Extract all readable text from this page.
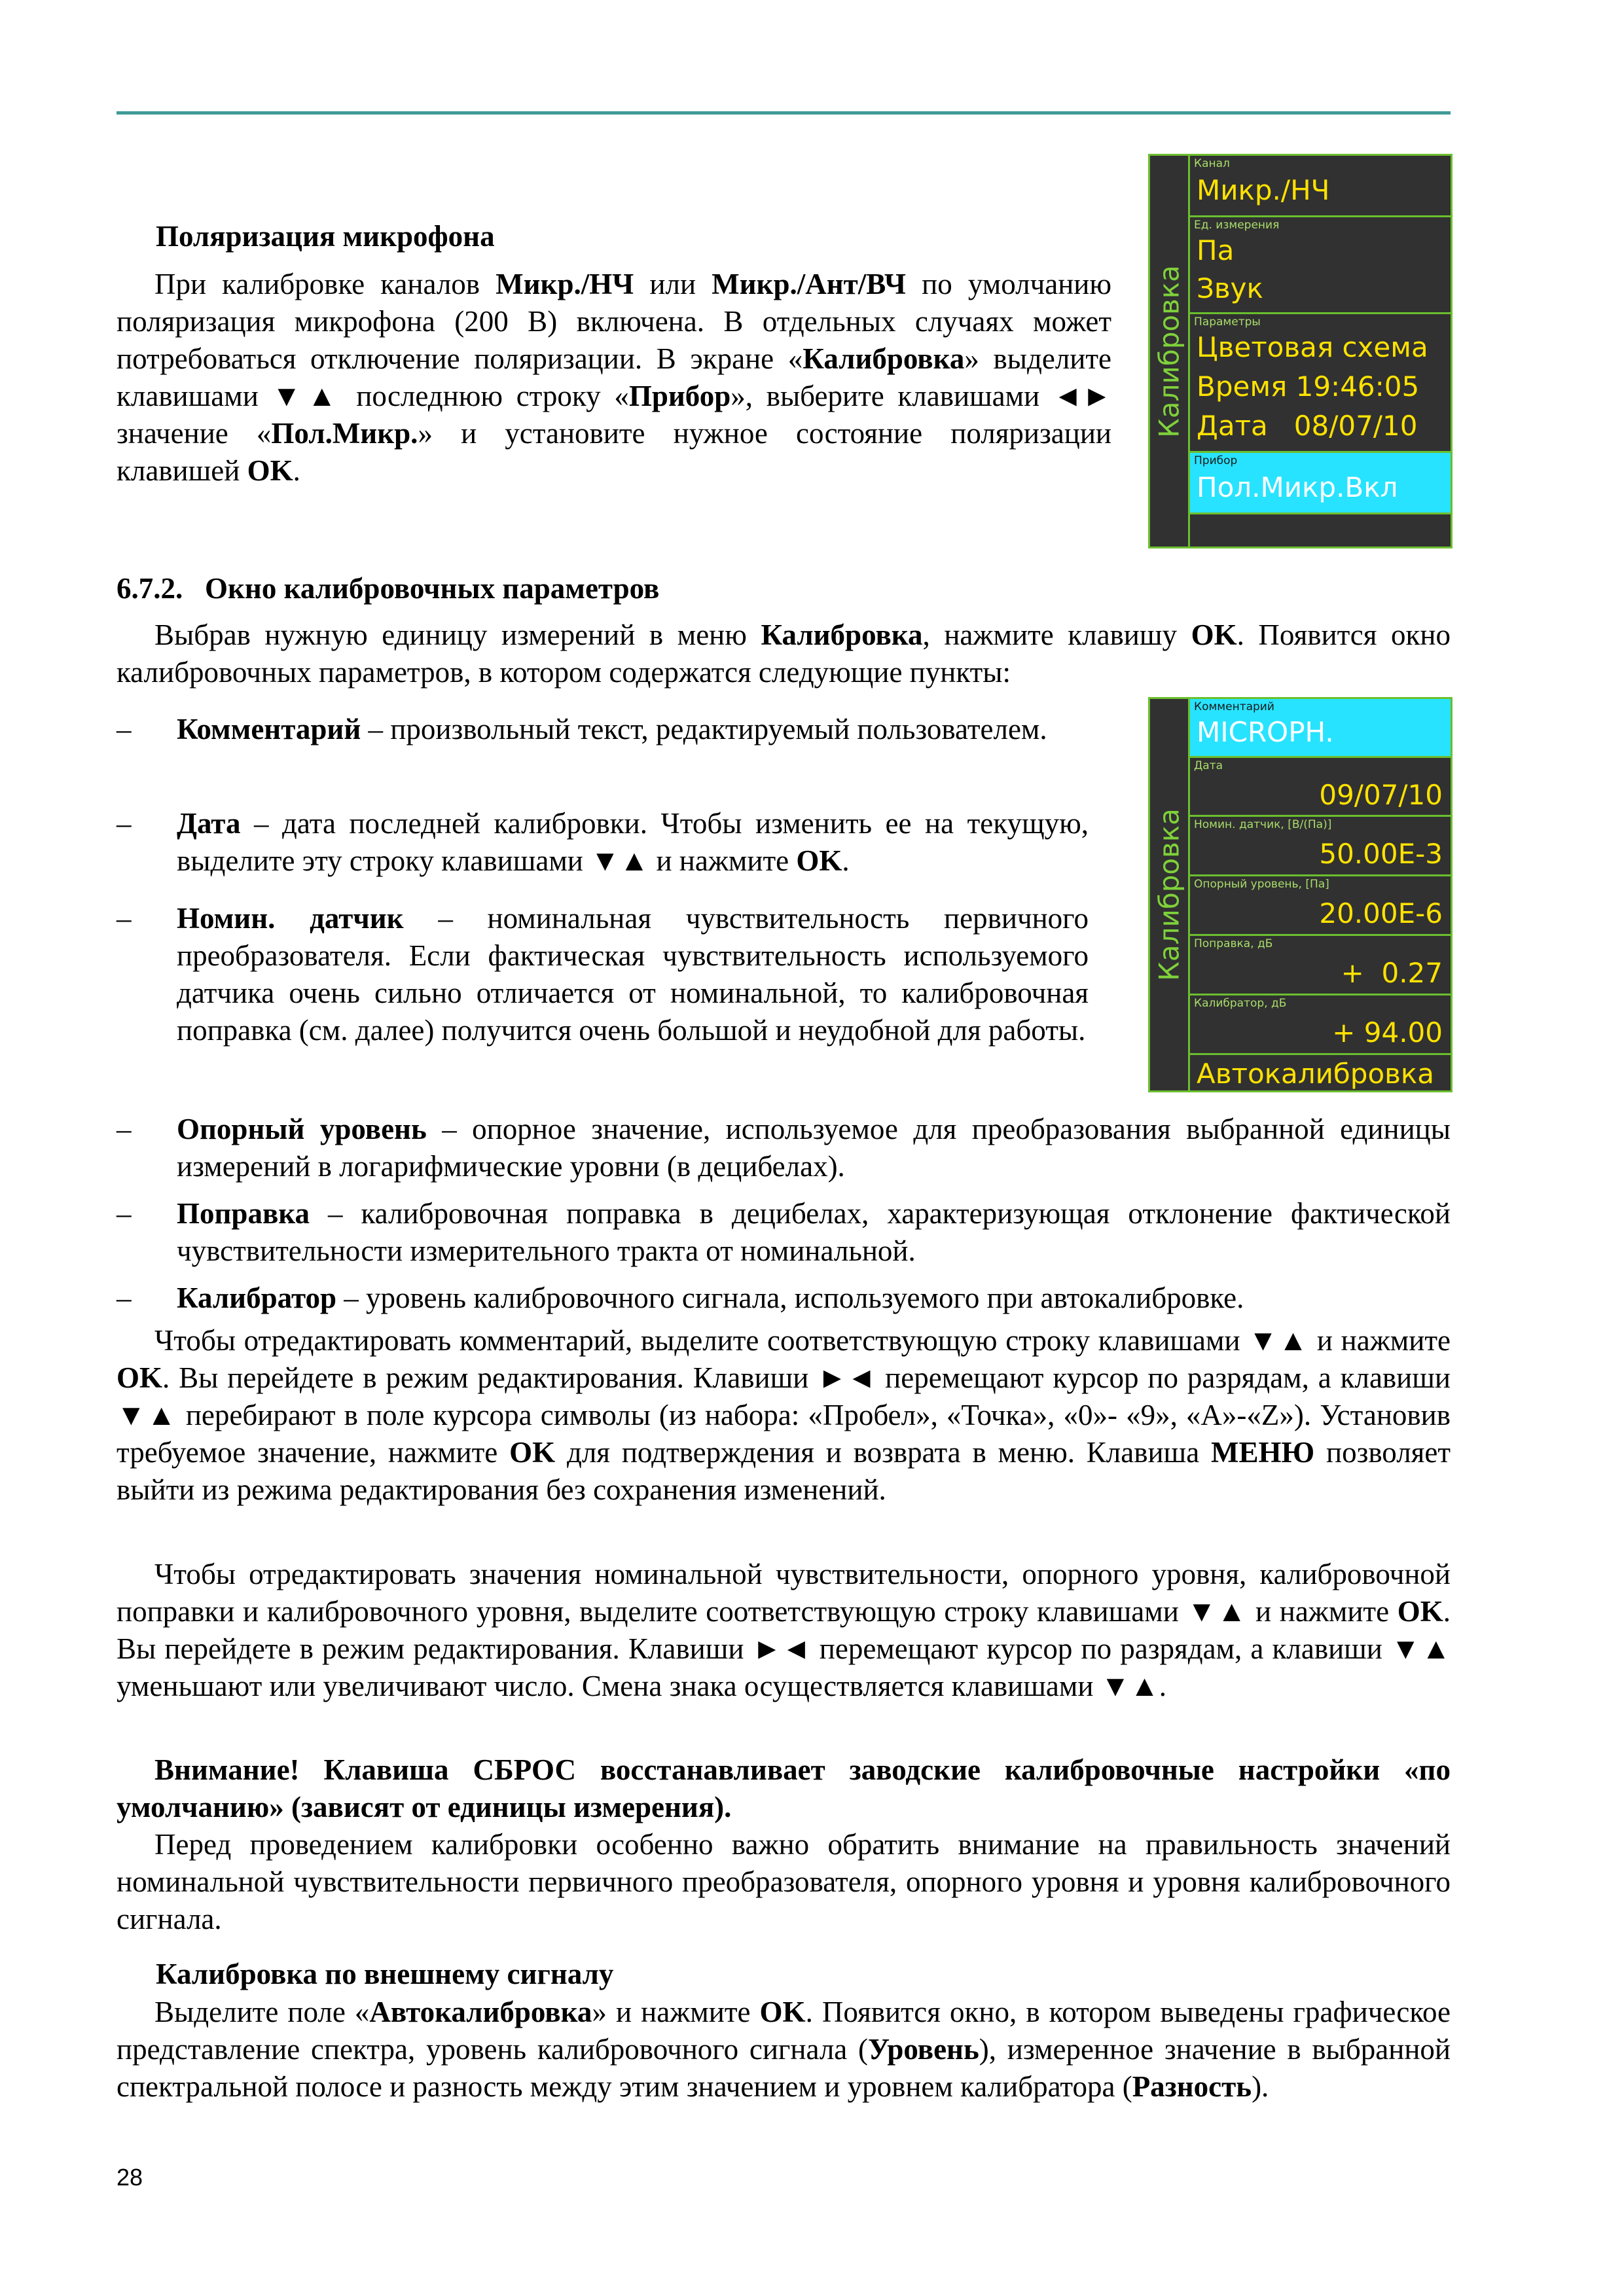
Калибровка
Канал
Микр./НЧ
Ед. измерения
Па
Звук
Параметры
Цветовая схема
Время 19:46:05
Дата   08/07/10
Прибор
Пол.Микр.Вкл

Поляризация микрофона

При калибровке каналов Микр./НЧ или Микр./Ант/ВЧ по умолчанию поляризация микрофона (200 В) включена. В отдельных случаях может потребоваться отключение поляризации. В экране «Калибровка» выделите клавишами ▼▲ последнюю строку «Прибор», выберите клавишами ◄► значение «Пол.Микр.» и установите нужное состояние поляризации клавишей OK.

6.7.2. Окно калибровочных параметров

Выбрав нужную единицу измерений в меню Калибровка, нажмите клавишу OK. Появится окно калибровочных параметров, в котором содержатся следующие пункты:

Калибровка
Комментарий
MICROPH.
Дата
09/07/10
Номин. датчик, [В/(Па)]
50.00E-3
Опорный уровень, [Па]
20.00E-6
Поправка, дБ
+  0.27
Калибратор, дБ
+ 94.00
Автокалибровка
– Комментарий – произвольный текст, редактируемый пользователем.
– Дата – дата последней калибровки. Чтобы изменить ее на текущую, выделите эту строку клавишами ▼▲ и нажмите OK.
– Номин. датчик – номинальная чувствительность первичного преобразователя. Если фактическая чувствительность используемого датчика очень сильно отличается от номинальной, то калибровочная поправка (см. далее) получится очень большой и неудобной для работы.
– Опорный уровень – опорное значение, используемое для преобразования выбранной единицы измерений в логарифмические уровни (в децибелах).
– Поправка – калибровочная поправка в децибелах, характеризующая отклонение фактической чувствительности измерительного тракта от номинальной.
– Калибратор – уровень калибровочного сигнала, используемого при автокалибровке.

Чтобы отредактировать комментарий, выделите соответствующую строку клавишами ▼▲ и нажмите OK. Вы перейдете в режим редактирования. Клавиши ►◄ перемещают курсор по разрядам, а клавиши ▼▲ перебирают в поле курсора символы (из набора: «Пробел», «Точка», «0»- «9», «A»-«Z»). Установив требуемое значение, нажмите OK для подтверждения и возврата в меню. Клавиша МЕНЮ позволяет выйти из режима редактирования без сохранения изменений.

Чтобы отредактировать значения номинальной чувствительности, опорного уровня, калибровочной поправки и калибровочного уровня, выделите соответствующую строку клавишами ▼▲ и нажмите OK. Вы перейдете в режим редактирования. Клавиши ►◄ перемещают курсор по разрядам, а клавиши ▼▲ уменьшают или увеличивают число. Смена знака осуществляется клавишами ▼▲.

Внимание! Клавиша СБРОС восстанавливает заводские калибровочные настройки «по умолчанию» (зависят от единицы измерения).

Перед проведением калибровки особенно важно обратить внимание на правильность значений номинальной чувствительности первичного преобразователя, опорного уровня и уровня калибровочного сигнала.

Калибровка по внешнему сигналу

Выделите поле «Автокалибровка» и нажмите OK. Появится окно, в котором выведены графическое представление спектра, уровень калибровочного сигнала (Уровень), измеренное значение в выбранной спектральной полосе и разность между этим значением и уровнем калибратора (Разность).

28
